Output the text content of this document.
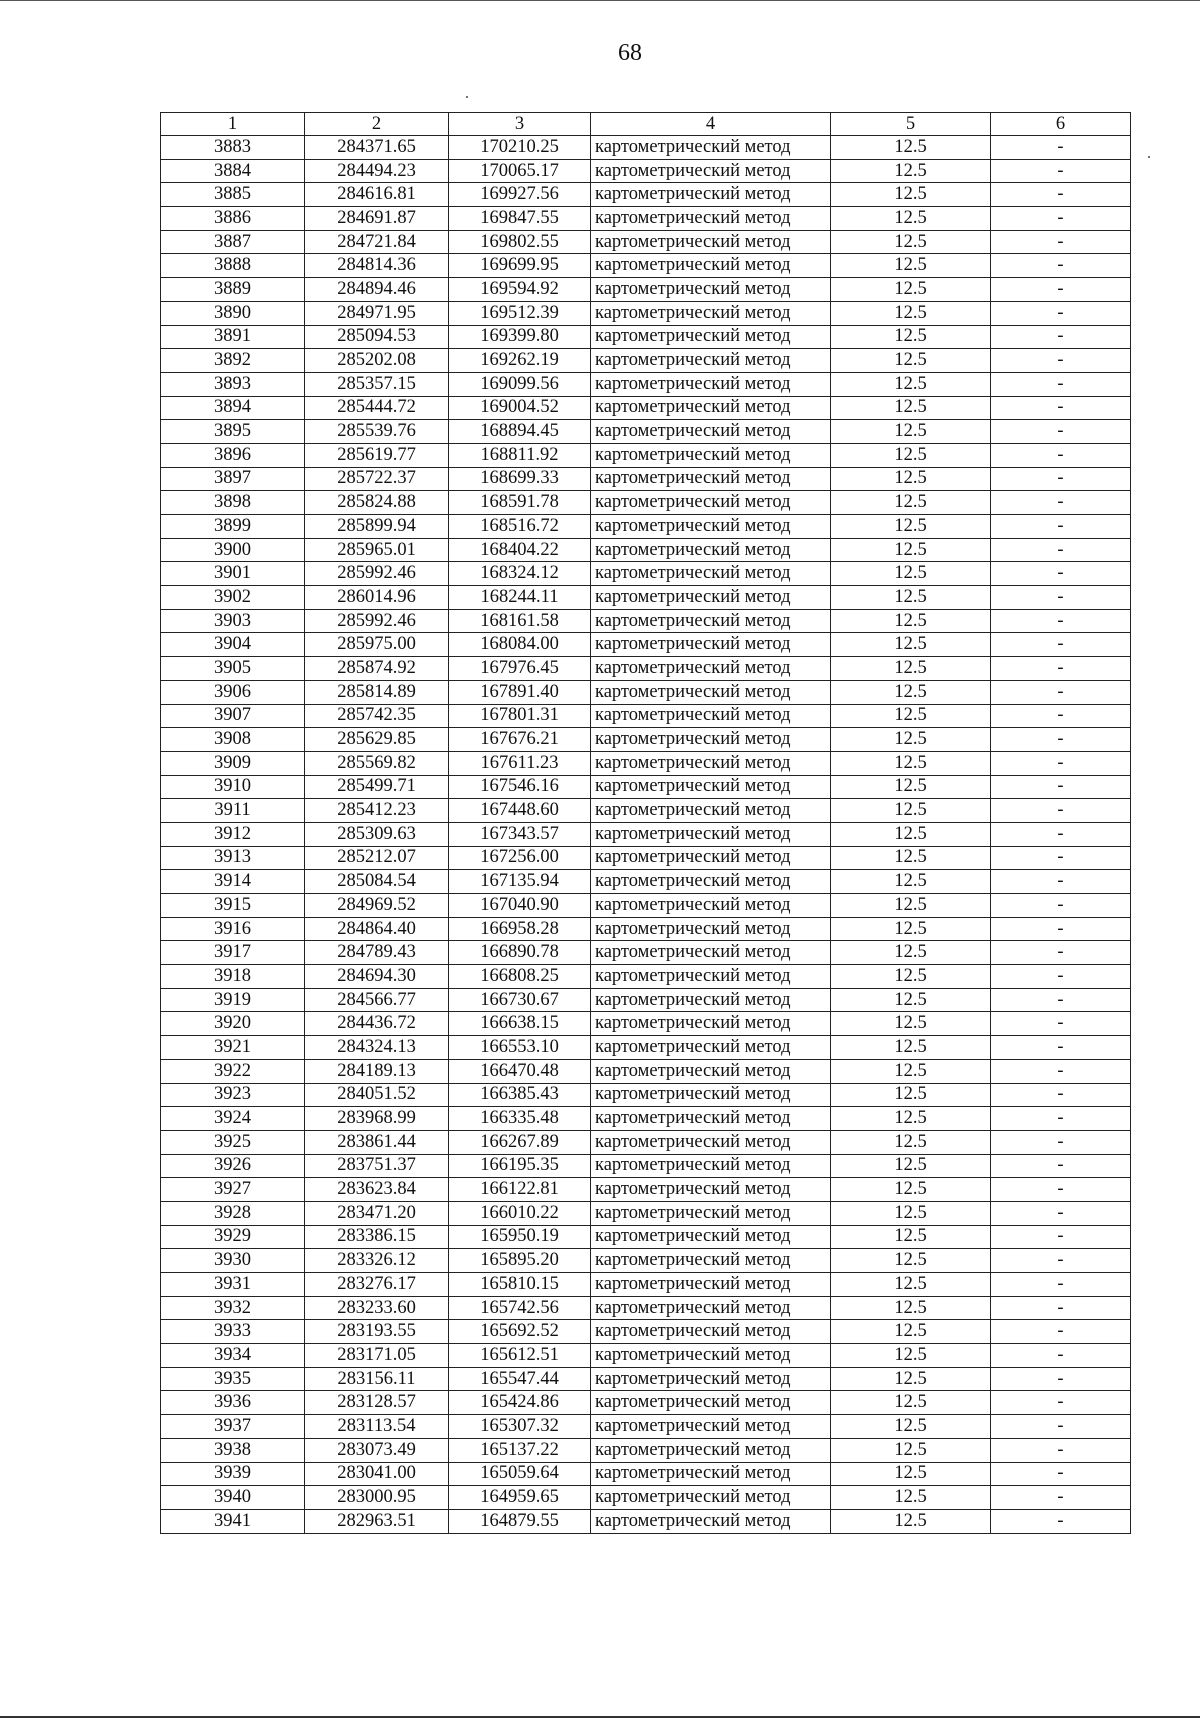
68
1	2	3	4	5	6
3883	284371.65	170210.25	картометрический метод	12.5	-
3884	284494.23	170065.17	картометрический метод	12.5	-
3885	284616.81	169927.56	картометрический метод	12.5	-
3886	284691.87	169847.55	картометрический метод	12.5	-
3887	284721.84	169802.55	картометрический метод	12.5	-
3888	284814.36	169699.95	картометрический метод	12.5	-
3889	284894.46	169594.92	картометрический метод	12.5	-
3890	284971.95	169512.39	картометрический метод	12.5	-
3891	285094.53	169399.80	картометрический метод	12.5	-
3892	285202.08	169262.19	картометрический метод	12.5	-
3893	285357.15	169099.56	картометрический метод	12.5	-
3894	285444.72	169004.52	картометрический метод	12.5	-
3895	285539.76	168894.45	картометрический метод	12.5	-
3896	285619.77	168811.92	картометрический метод	12.5	-
3897	285722.37	168699.33	картометрический метод	12.5	-
3898	285824.88	168591.78	картометрический метод	12.5	-
3899	285899.94	168516.72	картометрический метод	12.5	-
3900	285965.01	168404.22	картометрический метод	12.5	-
3901	285992.46	168324.12	картометрический метод	12.5	-
3902	286014.96	168244.11	картометрический метод	12.5	-
3903	285992.46	168161.58	картометрический метод	12.5	-
3904	285975.00	168084.00	картометрический метод	12.5	-
3905	285874.92	167976.45	картометрический метод	12.5	-
3906	285814.89	167891.40	картометрический метод	12.5	-
3907	285742.35	167801.31	картометрический метод	12.5	-
3908	285629.85	167676.21	картометрический метод	12.5	-
3909	285569.82	167611.23	картометрический метод	12.5	-
3910	285499.71	167546.16	картометрический метод	12.5	-
3911	285412.23	167448.60	картометрический метод	12.5	-
3912	285309.63	167343.57	картометрический метод	12.5	-
3913	285212.07	167256.00	картометрический метод	12.5	-
3914	285084.54	167135.94	картометрический метод	12.5	-
3915	284969.52	167040.90	картометрический метод	12.5	-
3916	284864.40	166958.28	картометрический метод	12.5	-
3917	284789.43	166890.78	картометрический метод	12.5	-
3918	284694.30	166808.25	картометрический метод	12.5	-
3919	284566.77	166730.67	картометрический метод	12.5	-
3920	284436.72	166638.15	картометрический метод	12.5	-
3921	284324.13	166553.10	картометрический метод	12.5	-
3922	284189.13	166470.48	картометрический метод	12.5	-
3923	284051.52	166385.43	картометрический метод	12.5	-
3924	283968.99	166335.48	картометрический метод	12.5	-
3925	283861.44	166267.89	картометрический метод	12.5	-
3926	283751.37	166195.35	картометрический метод	12.5	-
3927	283623.84	166122.81	картометрический метод	12.5	-
3928	283471.20	166010.22	картометрический метод	12.5	-
3929	283386.15	165950.19	картометрический метод	12.5	-
3930	283326.12	165895.20	картометрический метод	12.5	-
3931	283276.17	165810.15	картометрический метод	12.5	-
3932	283233.60	165742.56	картометрический метод	12.5	-
3933	283193.55	165692.52	картометрический метод	12.5	-
3934	283171.05	165612.51	картометрический метод	12.5	-
3935	283156.11	165547.44	картометрический метод	12.5	-
3936	283128.57	165424.86	картометрический метод	12.5	-
3937	283113.54	165307.32	картометрический метод	12.5	-
3938	283073.49	165137.22	картометрический метод	12.5	-
3939	283041.00	165059.64	картометрический метод	12.5	-
3940	283000.95	164959.65	картометрический метод	12.5	-
3941	282963.51	164879.55	картометрический метод	12.5	-
